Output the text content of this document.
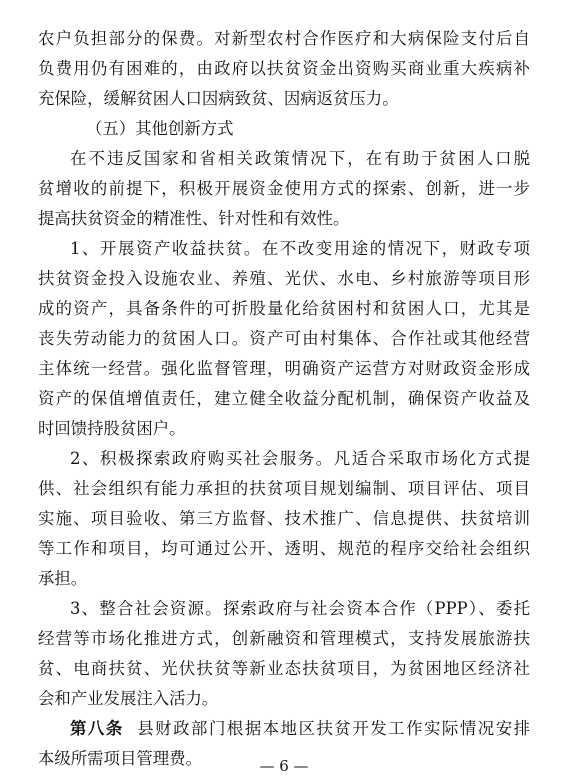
农户负担部分的保费。对新型农村合作医疗和大病保险支付后自
负费用仍有困难的，由政府以扶贫资金出资购买商业重大疾病补
充保险，缓解贫困人口因病致贫、因病返贫压力。
（五）其他创新方式
在不违反国家和省相关政策情况下，在有助于贫困人口脱
贫增收的前提下，积极开展资金使用方式的探索、创新，进一步
提高扶贫资金的精准性、针对性和有效性。
1、开展资产收益扶贫。在不改变用途的情况下，财政专项
扶贫资金投入设施农业、养殖、光伏、水电、乡村旅游等项目形
成的资产，具备条件的可折股量化给贫困村和贫困人口，尤其是
丧失劳动能力的贫困人口。资产可由村集体、合作社或其他经营
主体统一经营。强化监督管理，明确资产运营方对财政资金形成
资产的保值增值责任，建立健全收益分配机制，确保资产收益及
时回馈持股贫困户。
2、积极探索政府购买社会服务。凡适合采取市场化方式提
供、社会组织有能力承担的扶贫项目规划编制、项目评估、项目
实施、项目验收、第三方监督、技术推广、信息提供、扶贫培训
等工作和项目，均可通过公开、透明、规范的程序交给社会组织
承担。
3、整合社会资源。探索政府与社会资本合作（PPP）、委托
经营等市场化推进方式，创新融资和管理模式，支持发展旅游扶
贫、电商扶贫、光伏扶贫等新业态扶贫项目，为贫困地区经济社
会和产业发展注入活力。
第八条 县财政部门根据本地区扶贫开发工作实际情况安排
本级所需项目管理费。	— 6 —
